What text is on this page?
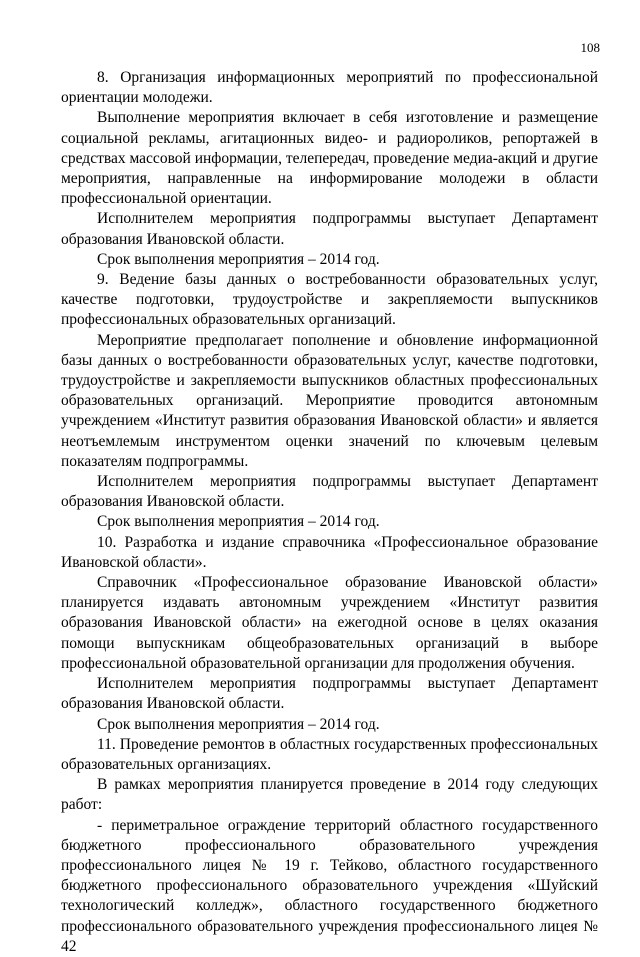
108

8. Организация информационных мероприятий по профессиональной ориентации молодежи.

Выполнение мероприятия включает в себя изготовление и размещение социальной рекламы, агитационных видео- и радиороликов, репортажей в средствах массовой информации, телепередач, проведение медиа-акций и другие мероприятия, направленные на информирование молодежи в области профессиональной ориентации.

Исполнителем мероприятия подпрограммы выступает Департамент образования Ивановской области.

Срок выполнения мероприятия – 2014 год.

9. Ведение базы данных о востребованности образовательных услуг, качестве подготовки, трудоустройстве и закрепляемости выпускников профессиональных образовательных организаций.

Мероприятие предполагает пополнение и обновление информационной базы данных о востребованности образовательных услуг, качестве подготовки, трудоустройстве и закрепляемости выпускников областных профессиональных образовательных организаций. Мероприятие проводится автономным учреждением «Институт развития образования Ивановской области» и является неотъемлемым инструментом оценки значений по ключевым целевым показателям подпрограммы.

Исполнителем мероприятия подпрограммы выступает Департамент образования Ивановской области.

Срок выполнения мероприятия – 2014 год.

10. Разработка и издание справочника «Профессиональное образование Ивановской области».

Справочник «Профессиональное образование Ивановской области» планируется издавать автономным учреждением «Институт развития образования Ивановской области» на ежегодной основе в целях оказания помощи выпускникам общеобразовательных организаций в выборе профессиональной образовательной организации для продолжения обучения.

Исполнителем мероприятия подпрограммы выступает Департамент образования Ивановской области.

Срок выполнения мероприятия – 2014 год.

11. Проведение ремонтов в областных государственных профессиональных образовательных организациях.

В рамках мероприятия планируется проведение в 2014 году следующих работ:

- периметральное ограждение территорий областного государственного бюджетного профессионального образовательного учреждения профессионального лицея № 19 г. Тейково, областного государственного бюджетного профессионального образовательного учреждения «Шуйский технологический колледж», областного государственного бюджетного профессионального образовательного учреждения профессионального лицея № 42
